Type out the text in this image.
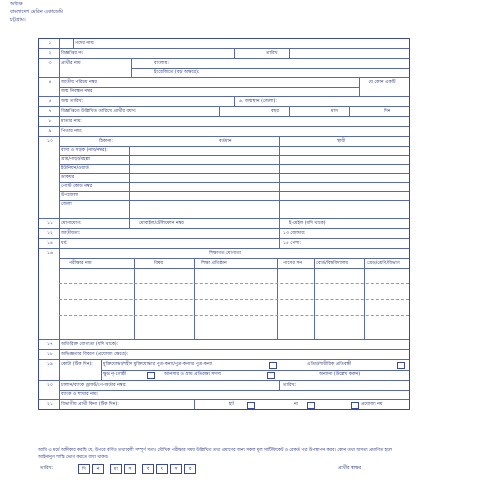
অধ্যক্ষ
বাংলাদেশ মেরিন একাডেমি
চট্টগ্রাম।
১	পদের নাম:
২	বিজ্ঞপ্তির নং	তারিখ
৩	প্রার্থীর নাম	বাংলায়:
ইংরেজিতে (বড় অক্ষরে):
৪	জাতীয় পরিচয় নম্বর
জন্ম নিবন্ধন নম্বর
যে কোন একটি
৫	জন্ম তারিখ:	৬. জন্মস্থান (জেলা):
৭	বিজ্ঞপ্তিতে উল্লিখিত তারিখে প্রার্থীর বয়স:	বছর	মাস	দিন
৮	মাতার নাম:
৯	পিতার নাম:
১০	ঠিকানা:	বর্তমান	স্থায়ী
বাসা ও সড়ক (নাম/নম্বর):
গ্রাম/পাড়া/মহল্লা
ইউনিয়ন/ওয়ার্ড
ডাকঘর
পোস্ট কোড নম্বর
উপজেলা
জেলা
১১	যোগাযোগ:	মোবাইল/টেলিফোন নম্বর	ই-মেইল (যদি থাকে)
১২	জাতীয়তা:	১৩ জেন্ডার:
১৪	ধর্ম:	১৫ পেশা:
১৬	শিক্ষাগত যোগ্যতা
পরীক্ষার নাম	বিষয়	শিক্ষা প্রতিষ্ঠান	পাসের সন	বোর্ড/বিশ্ববিদ্যালয়	গ্রেড/শ্রেণি/বিভাগ
১৭	অতিরিক্ত যোগ্যতা (যদি থাকে):
১৮	অভিজ্ঞতার বিবরণ (প্রযোজ্য ক্ষেত্রে):
১৯	কোটা (টিক দিন): মুক্তিযোদ্ধা/শহীদ মুক্তিযোদ্ধার পুত্র-কন্যা/পুত্র-কন্যার পুত্র-কন্যা	এতিম/শারীরিক প্রতিবন্ধী
ক্ষুদ্র নৃ-গোষ্ঠী	আনসার ও গ্রাম প্রতিরক্ষা সদস্য	অন্যান্য (উল্লেখ করুন)
২০	চালান/ব্যাংক ড্রাফট/পে-অর্ডার নম্বর:	তারিখ:
ব্যাংক ও শাখার নাম:
২১	বিভাগীয় প্রার্থী কিনা (টিক দিন):	হ্যাঁ	না	প্রযোজ্য নয়
আমি এ মর্মে অঙ্গীকার করছি যে, উপরে বর্ণিত তথ্যাবলী সম্পূর্ণ সত্য। মৌখিক পরীক্ষার সময় উল্লিখিত তথ্য প্রমাণের জন্য সকল মূল সার্টিফিকেট ও রেকর্ড পত্র উপস্থাপন করব। কোন তথ্য অসত্য প্রমাণিত হলে আইনানুগ শাস্তি ভোগ করতে বাধ্য থাকব।
তারিখ:	দি	ন	মা	স	ব	ৎ	স	র	প্রার্থীর স্বাক্ষর
